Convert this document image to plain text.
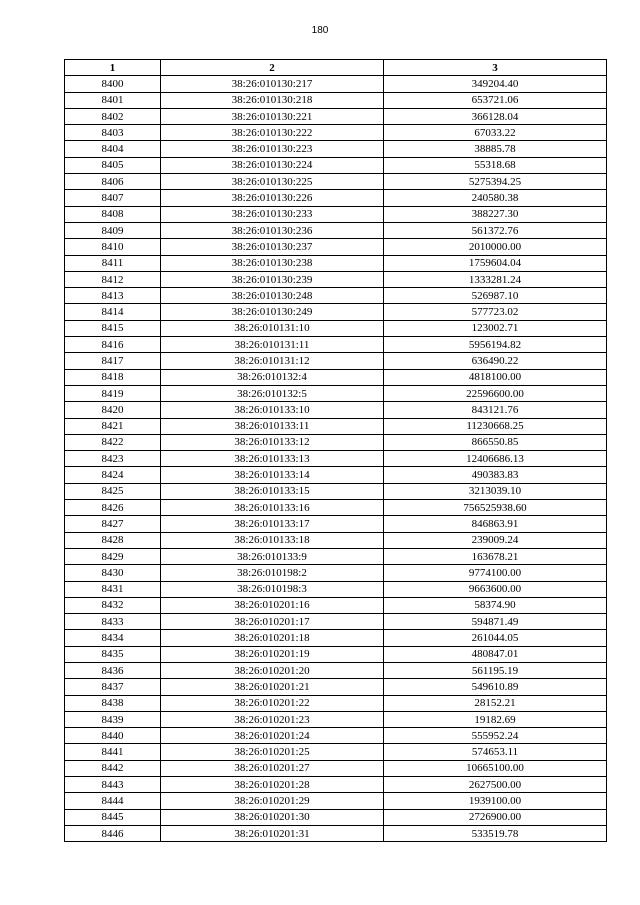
180
1	2	3
8400	38:26:010130:217	349204.40
8401	38:26:010130:218	653721.06
8402	38:26:010130:221	366128.04
8403	38:26:010130:222	67033.22
8404	38:26:010130:223	38885.78
8405	38:26:010130:224	55318.68
8406	38:26:010130:225	5275394.25
8407	38:26:010130:226	240580.38
8408	38:26:010130:233	388227.30
8409	38:26:010130:236	561372.76
8410	38:26:010130:237	2010000.00
8411	38:26:010130:238	1759604.04
8412	38:26:010130:239	1333281.24
8413	38:26:010130:248	526987.10
8414	38:26:010130:249	577723.02
8415	38:26:010131:10	123002.71
8416	38:26:010131:11	5956194.82
8417	38:26:010131:12	636490.22
8418	38:26:010132:4	4818100.00
8419	38:26:010132:5	22596600.00
8420	38:26:010133:10	843121.76
8421	38:26:010133:11	11230668.25
8422	38:26:010133:12	866550.85
8423	38:26:010133:13	12406686.13
8424	38:26:010133:14	490383.83
8425	38:26:010133:15	3213039.10
8426	38:26:010133:16	756525938.60
8427	38:26:010133:17	846863.91
8428	38:26:010133:18	239009.24
8429	38:26:010133:9	163678.21
8430	38:26:010198:2	9774100.00
8431	38:26:010198:3	9663600.00
8432	38:26:010201:16	58374.90
8433	38:26:010201:17	594871.49
8434	38:26:010201:18	261044.05
8435	38:26:010201:19	480847.01
8436	38:26:010201:20	561195.19
8437	38:26:010201:21	549610.89
8438	38:26:010201:22	28152.21
8439	38:26:010201:23	19182.69
8440	38:26:010201:24	555952.24
8441	38:26:010201:25	574653.11
8442	38:26:010201:27	10665100.00
8443	38:26:010201:28	2627500.00
8444	38:26:010201:29	1939100.00
8445	38:26:010201:30	2726900.00
8446	38:26:010201:31	533519.78
